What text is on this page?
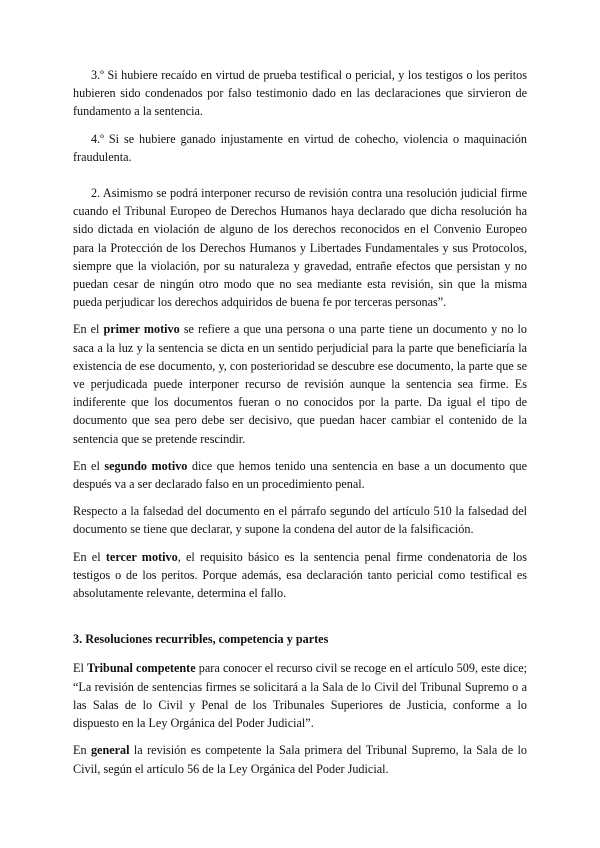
3.º Si hubiere recaído en virtud de prueba testifical o pericial, y los testigos o los peritos hubieren sido condenados por falso testimonio dado en las declaraciones que sirvieron de fundamento a la sentencia.

4.º Si se hubiere ganado injustamente en virtud de cohecho, violencia o maquinación fraudulenta.

2. Asimismo se podrá interponer recurso de revisión contra una resolución judicial firme cuando el Tribunal Europeo de Derechos Humanos haya declarado que dicha resolución ha sido dictada en violación de alguno de los derechos reconocidos en el Convenio Europeo para la Protección de los Derechos Humanos y Libertades Fundamentales y sus Protocolos, siempre que la violación, por su naturaleza y gravedad, entrañe efectos que persistan y no puedan cesar de ningún otro modo que no sea mediante esta revisión, sin que la misma pueda perjudicar los derechos adquiridos de buena fe por terceras personas”.

En el primer motivo se refiere a que una persona o una parte tiene un documento y no lo saca a la luz y la sentencia se dicta en un sentido perjudicial para la parte que beneficiaría la existencia de ese documento, y, con posterioridad se descubre ese documento, la parte que se ve perjudicada puede interponer recurso de revisión aunque la sentencia sea firme. Es indiferente que los documentos fueran o no conocidos por la parte. Da igual el tipo de documento que sea pero debe ser decisivo, que puedan hacer cambiar el contenido de la sentencia que se pretende rescindir.

En el segundo motivo dice que hemos tenido una sentencia en base a un documento que después va a ser declarado falso en un procedimiento penal.

Respecto a la falsedad del documento en el párrafo segundo del artículo 510 la falsedad del documento se tiene que declarar, y supone la condena del autor de la falsificación.

En el tercer motivo, el requisito básico es la sentencia penal firme condenatoria de los testigos o de los peritos. Porque además, esa declaración tanto pericial como testifical es absolutamente relevante, determina el fallo.

3. Resoluciones recurribles, competencia y partes

El Tribunal competente para conocer el recurso civil se recoge en el artículo 509, este dice; “La revisión de sentencias firmes se solicitará a la Sala de lo Civil del Tribunal Supremo o a las Salas de lo Civil y Penal de los Tribunales Superiores de Justicia, conforme a lo dispuesto en la Ley Orgánica del Poder Judicial”.

En general la revisión es competente la Sala primera del Tribunal Supremo, la Sala de lo Civil, según el artículo 56 de la Ley Orgánica del Poder Judicial.
